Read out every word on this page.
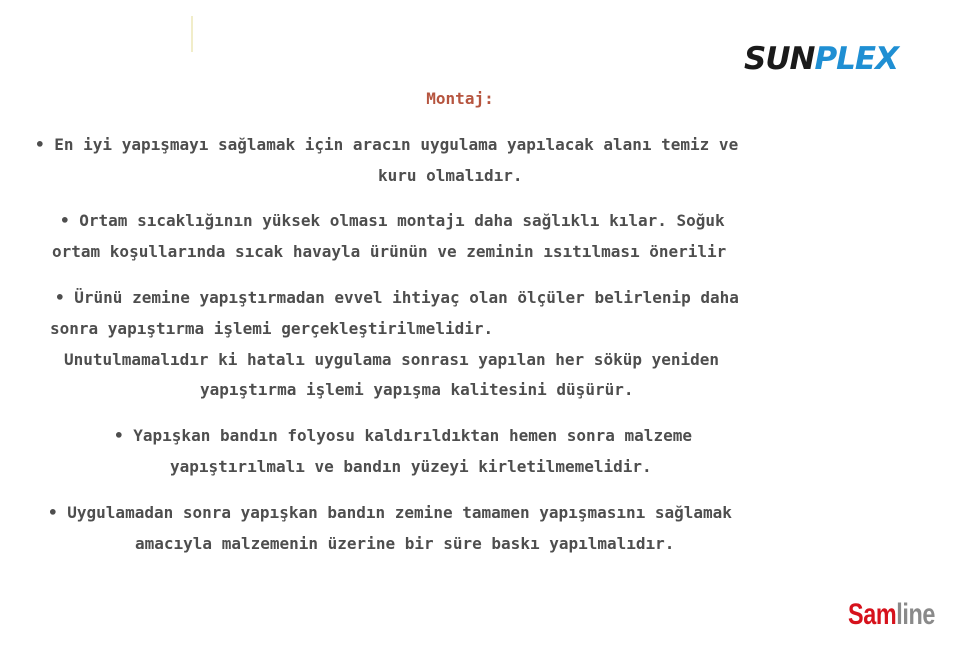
SUNPLEX
Montaj:

• En iyi yapışmayı sağlamak için aracın uygulama yapılacak alanı temiz ve

kuru olmalıdır.

• Ortam sıcaklığının yüksek olması montajı daha sağlıklı kılar. Soğuk

ortam koşullarında sıcak havayla ürünün ve zeminin ısıtılması önerilir

• Ürünü zemine yapıştırmadan evvel ihtiyaç olan ölçüler belirlenip daha

sonra yapıştırma işlemi gerçekleştirilmelidir.

Unutulmamalıdır ki hatalı uygulama sonrası yapılan her söküp yeniden

yapıştırma işlemi yapışma kalitesini düşürür.

• Yapışkan bandın folyosu kaldırıldıktan hemen sonra malzeme

yapıştırılmalı ve bandın yüzeyi kirletilmemelidir.

• Uygulamadan sonra yapışkan bandın zemine tamamen yapışmasını sağlamak

amacıyla malzemenin üzerine bir süre baskı yapılmalıdır.

Samline
